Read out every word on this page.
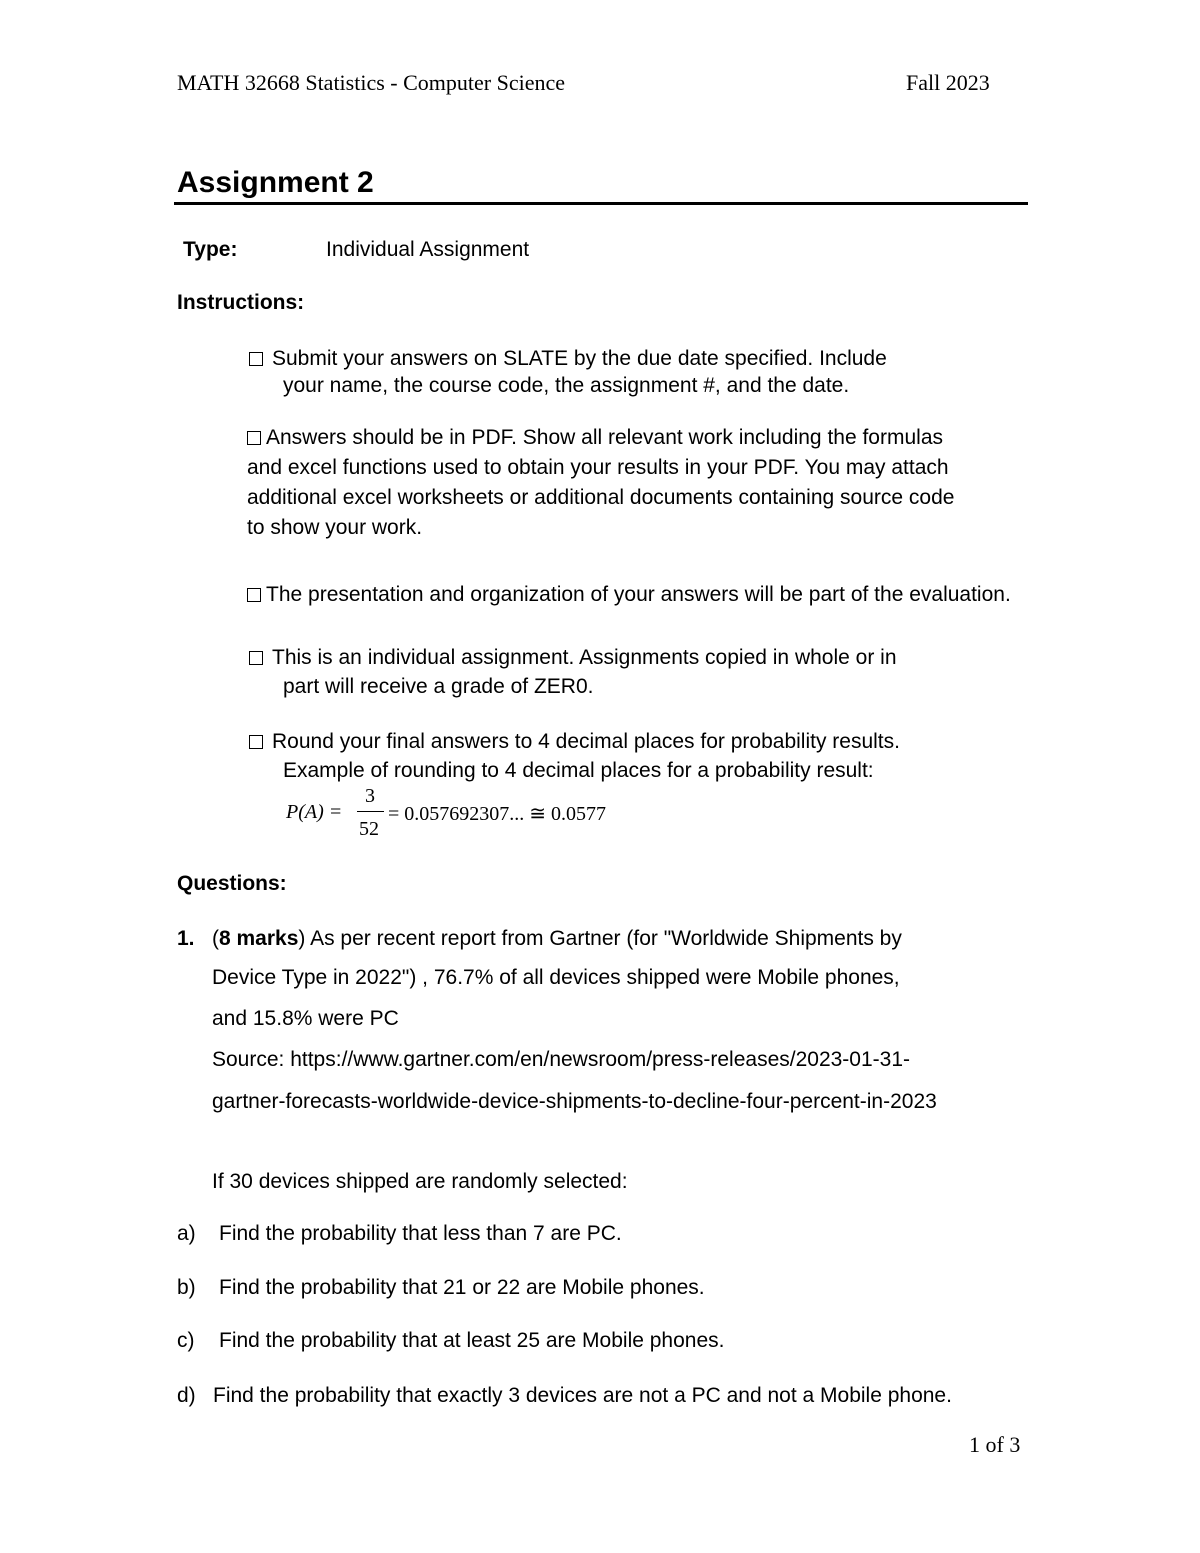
MATH 32668 Statistics - Computer Science	Fall 2023
Assignment 2
Type:	Individual Assignment
Instructions:
Submit your answers on SLATE by the due date specified. Include
your name, the course code, the assignment #, and the date.
Answers should be in PDF. Show all relevant work including the formulas
and excel functions used to obtain your results in your PDF. You may attach
additional excel worksheets or additional documents containing source code
to show your work.
The presentation and organization of your answers will be part of the evaluation.
This is an individual assignment. Assignments copied in whole or in
part will receive a grade of ZER0.
Round your final answers to 4 decimal places for probability results.
Example of rounding to 4 decimal places for a probability result:
P(A) =
3
52
= 0.057692307... ≅ 0.0577
Questions:
1. (8 marks) As per recent report from Gartner (for "Worldwide Shipments by
Device Type in 2022") , 76.7% of all devices shipped were Mobile phones,
and 15.8% were PC
Source: https://www.gartner.com/en/newsroom/press-releases/2023-01-31-
gartner-forecasts-worldwide-device-shipments-to-decline-four-percent-in-2023
If 30 devices shipped are randomly selected:
a) Find the probability that less than 7 are PC.
b) Find the probability that 21 or 22 are Mobile phones.
c) Find the probability that at least 25 are Mobile phones.
d) Find the probability that exactly 3 devices are not a PC and not a Mobile phone.
1 of 3
